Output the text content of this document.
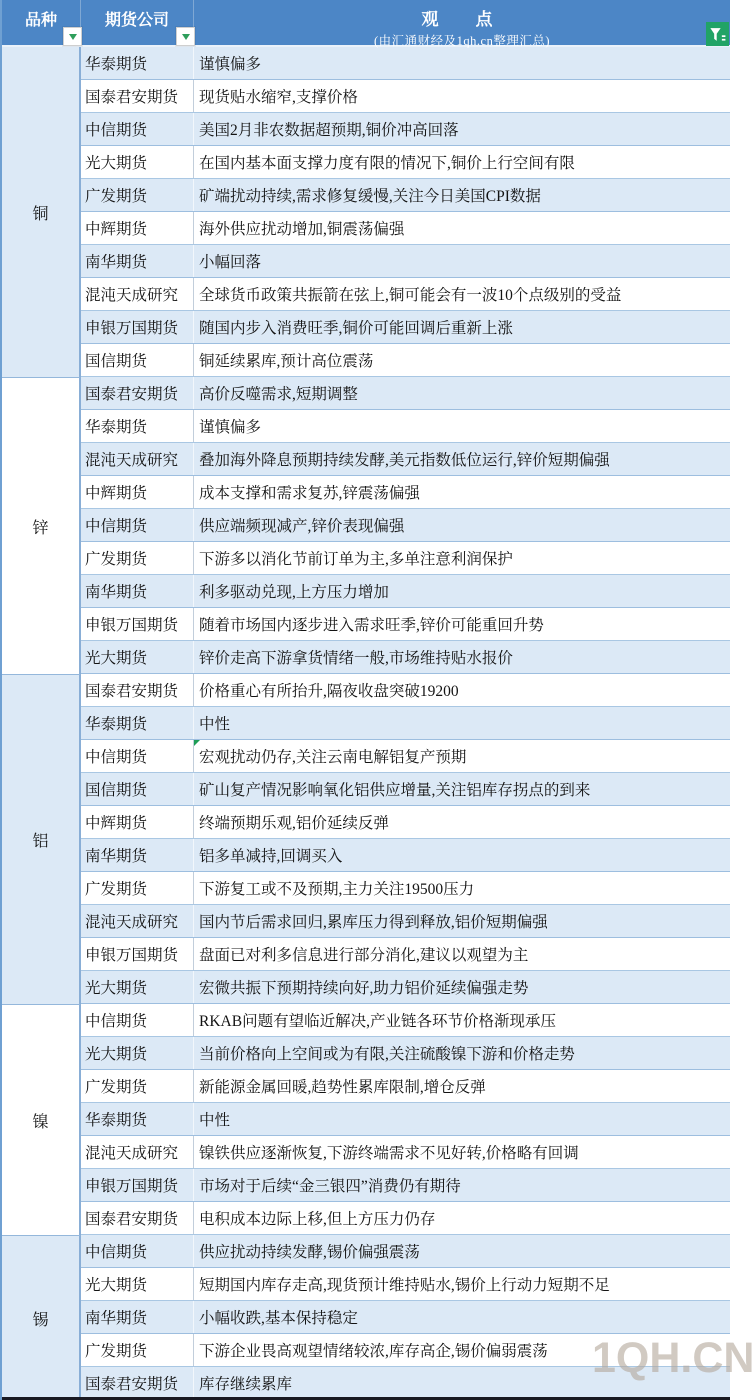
品种	期货公司	观　点
(由汇通财经及1qh.cn整理汇总)
铜
华泰期货	谨慎偏多
国泰君安期货	现货贴水缩窄,支撑价格
中信期货	美国2月非农数据超预期,铜价冲高回落
光大期货	在国内基本面支撑力度有限的情况下,铜价上行空间有限
广发期货	矿端扰动持续,需求修复缓慢,关注今日美国CPI数据
中辉期货	海外供应扰动增加,铜震荡偏强
南华期货	小幅回落
混沌天成研究	全球货币政策共振箭在弦上,铜可能会有一波10个点级别的受益
申银万国期货	随国内步入消费旺季,铜价可能回调后重新上涨
国信期货	铜延续累库,预计高位震荡
锌
国泰君安期货	高价反噬需求,短期调整
华泰期货	谨慎偏多
混沌天成研究	叠加海外降息预期持续发酵,美元指数低位运行,锌价短期偏强
中辉期货	成本支撑和需求复苏,锌震荡偏强
中信期货	供应端频现减产,锌价表现偏强
广发期货	下游多以消化节前订单为主,多单注意利润保护
南华期货	利多驱动兑现,上方压力增加
申银万国期货	随着市场国内逐步进入需求旺季,锌价可能重回升势
光大期货	锌价走高下游拿货情绪一般,市场维持贴水报价
铝
国泰君安期货	价格重心有所抬升,隔夜收盘突破19200
华泰期货	中性
中信期货	宏观扰动仍存,关注云南电解铝复产预期
国信期货	矿山复产情况影响氧化铝供应增量,关注铝库存拐点的到来
中辉期货	终端预期乐观,铝价延续反弹
南华期货	铝多单减持,回调买入
广发期货	下游复工或不及预期,主力关注19500压力
混沌天成研究	国内节后需求回归,累库压力得到释放,铝价短期偏强
申银万国期货	盘面已对利多信息进行部分消化,建议以观望为主
光大期货	宏微共振下预期持续向好,助力铝价延续偏强走势
镍
中信期货	RKAB问题有望临近解决,产业链各环节价格渐现承压
光大期货	当前价格向上空间或为有限,关注硫酸镍下游和价格走势
广发期货	新能源金属回暖,趋势性累库限制,增仓反弹
华泰期货	中性
混沌天成研究	镍铁供应逐渐恢复,下游终端需求不见好转,价格略有回调
申银万国期货	市场对于后续“金三银四”消费仍有期待
国泰君安期货	电积成本边际上移,但上方压力仍存
锡
中信期货	供应扰动持续发酵,锡价偏强震荡
光大期货	短期国内库存走高,现货预计维持贴水,锡价上行动力短期不足
南华期货	小幅收跌,基本保持稳定
广发期货	下游企业畏高观望情绪较浓,库存高企,锡价偏弱震荡
国泰君安期货	库存继续累库
1QH.CN
